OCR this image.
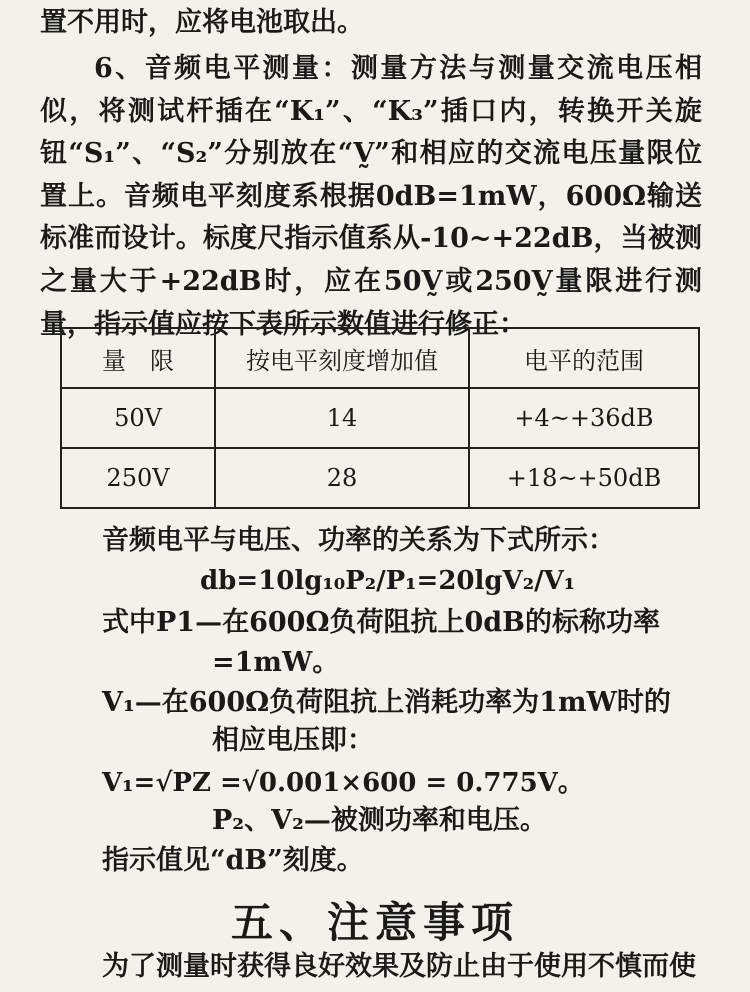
置不用时，应将电池取出。
6、音频电平测量：测量方法与测量交流电压相似，将测试杆插在“K₁”、“K₃”插口内，转换开关旋钮“S₁”、“S₂”分别放在“V̰”和相应的交流电压量限位置上。音频电平刻度系根据0dB=1mW，600Ω输送标准而设计。标度尺指示值系从-10~+22dB，当被测之量大于+22dB时，应在50V̰或250V̰量限进行测量，指示值应按下表所示数值进行修正：
量　限	按电平刻度增加值	电平的范围
50V	14	+4~+36dB
250V	28	+18~+50dB
音频电平与电压、功率的关系为下式所示：
db=10lg₁₀P₂/P₁=20lgV₂/V₁
式中P1—在600Ω负荷阻抗上0dB的标称功率
=1mW。
V₁—在600Ω负荷阻抗上消耗功率为1mW时的
相应电压即：
V₁=√PZ =√0.001×600 = 0.775V。
P₂、V₂—被测功率和电压。
指示值见“dB”刻度。
五、注意事项
为了测量时获得良好效果及防止由于使用不慎而使
